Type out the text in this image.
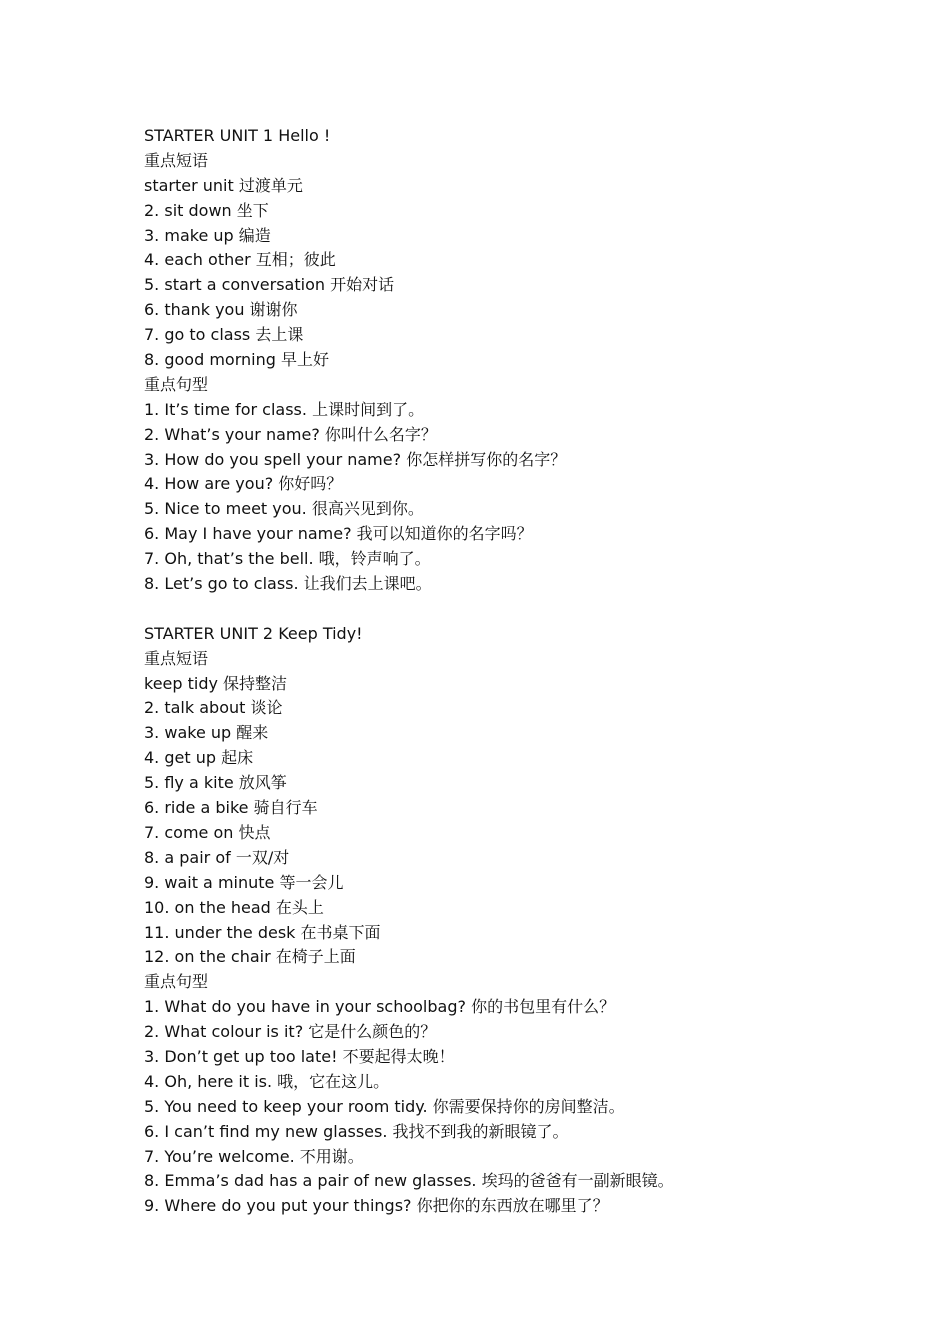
STARTER UNIT 1 Hello !
重点短语
starter unit 过渡单元
2. sit down 坐下
3. make up 编造
4. each other 互相；彼此
5. start a conversation 开始对话
6. thank you 谢谢你
7. go to class 去上课
8. good morning 早上好
重点句型
1. It’s time for class. 上课时间到了。
2. What’s your name? 你叫什么名字？
3. How do you spell your name? 你怎样拼写你的名字？
4. How are you? 你好吗？
5. Nice to meet you. 很高兴见到你。
6. May I have your name? 我可以知道你的名字吗？
7. Oh, that’s the bell. 哦，铃声响了。
8. Let’s go to class. 让我们去上课吧。
STARTER UNIT 2 Keep Tidy!
重点短语
keep tidy 保持整洁
2. talk about 谈论
3. wake up 醒来
4. get up 起床
5. fly a kite 放风筝
6. ride a bike 骑自行车
7. come on 快点
8. a pair of 一双/对
9. wait a minute 等一会儿
10. on the head 在头上
11. under the desk 在书桌下面
12. on the chair 在椅子上面
重点句型
1. What do you have in your schoolbag? 你的书包里有什么？
2. What colour is it? 它是什么颜色的？
3. Don’t get up too late! 不要起得太晚！
4. Oh, here it is. 哦，它在这儿。
5. You need to keep your room tidy. 你需要保持你的房间整洁。
6. I can’t find my new glasses. 我找不到我的新眼镜了。
7. You’re welcome. 不用谢。
8. Emma’s dad has a pair of new glasses. 埃玛的爸爸有一副新眼镜。
9. Where do you put your things? 你把你的东西放在哪里了？
